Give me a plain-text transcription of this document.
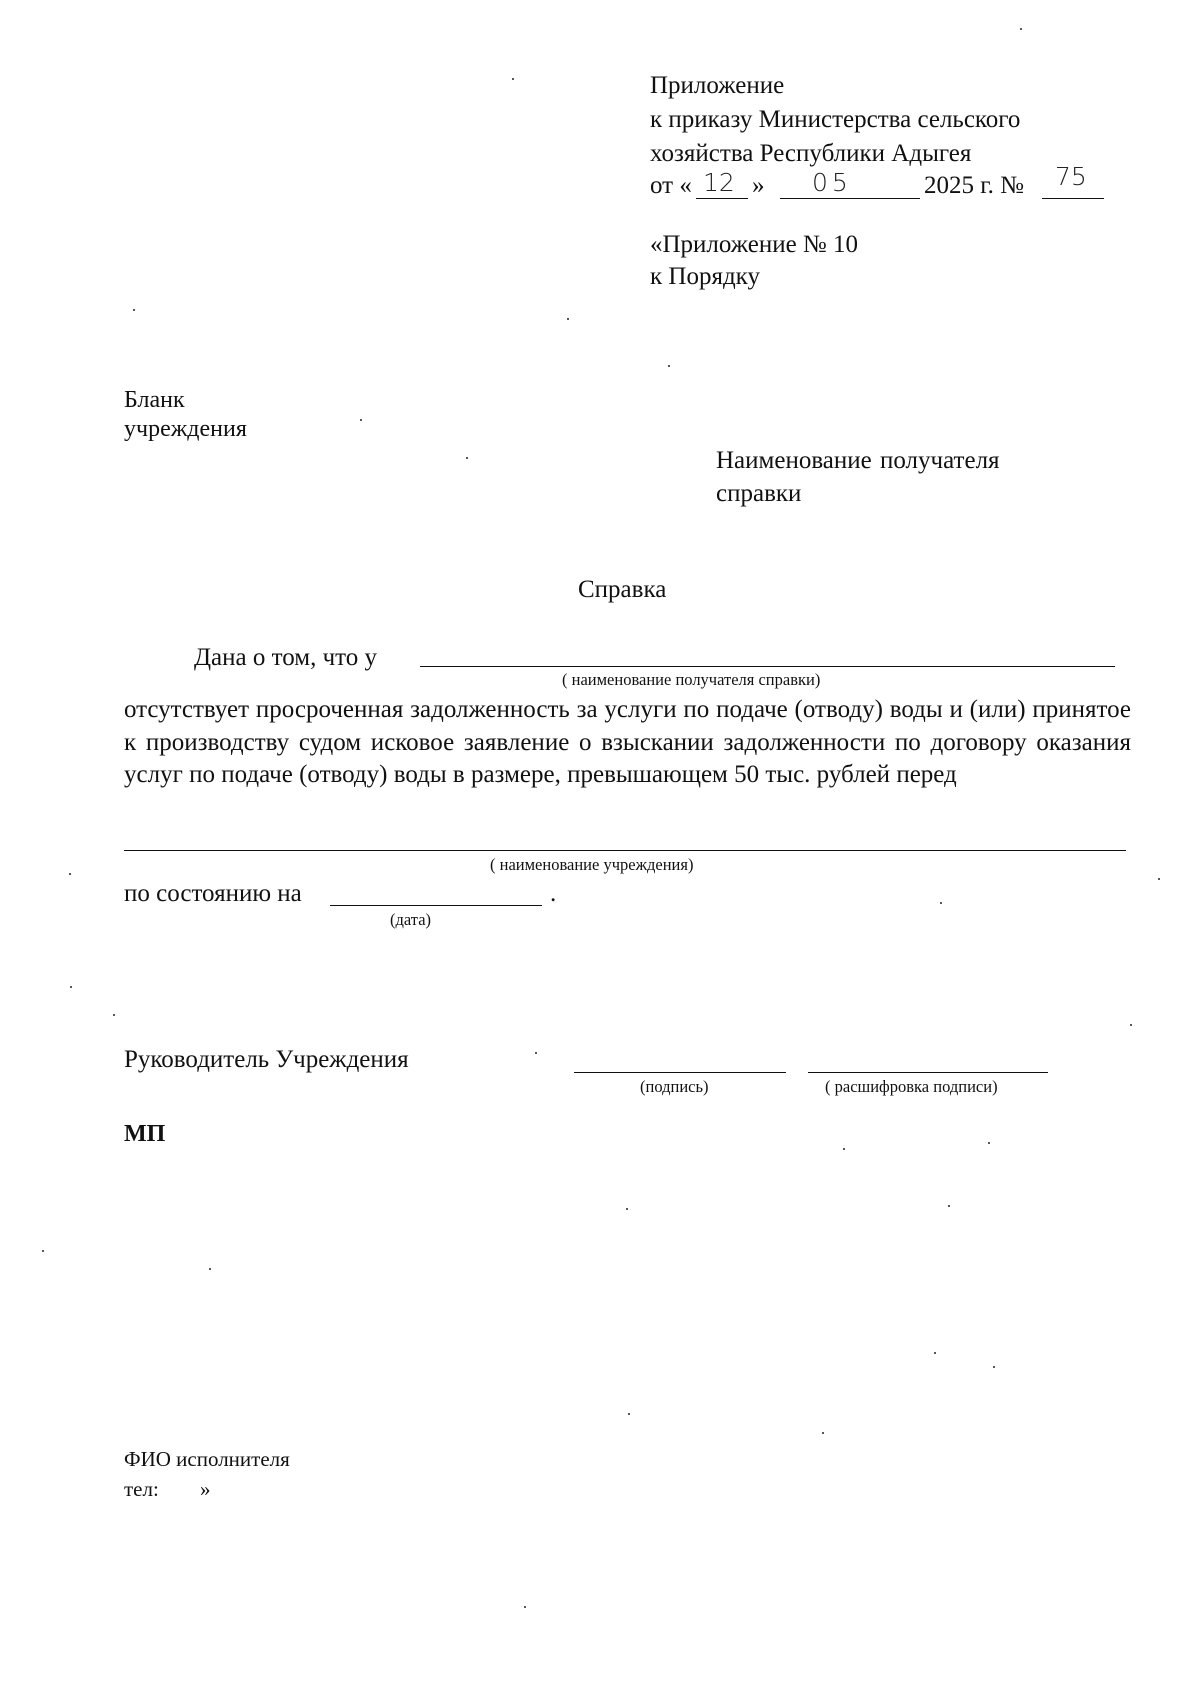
Приложение
к приказу Министерства сельского
хозяйства Республики Адыгея
от « 12 » 05	2025 г. № 75
«Приложение № 10
к Порядку
Бланк
учреждения
Наименование получателя
справки
Справка
Дана о том, что у
( наименование получателя справки)
отсутствует просроченная задолженность за услуги по подаче (отводу) воды и (или) принятое к производству судом исковое заявление о взыскании задолженности по договору оказания услуг по подаче (отводу) воды в размере, превышающем 50 тыс. рублей перед
( наименование учреждения)
по состоянию на	.
(дата)
Руководитель Учреждения
(подпись)	( расшифровка подписи)
МП
ФИО исполнителя
тел: »
